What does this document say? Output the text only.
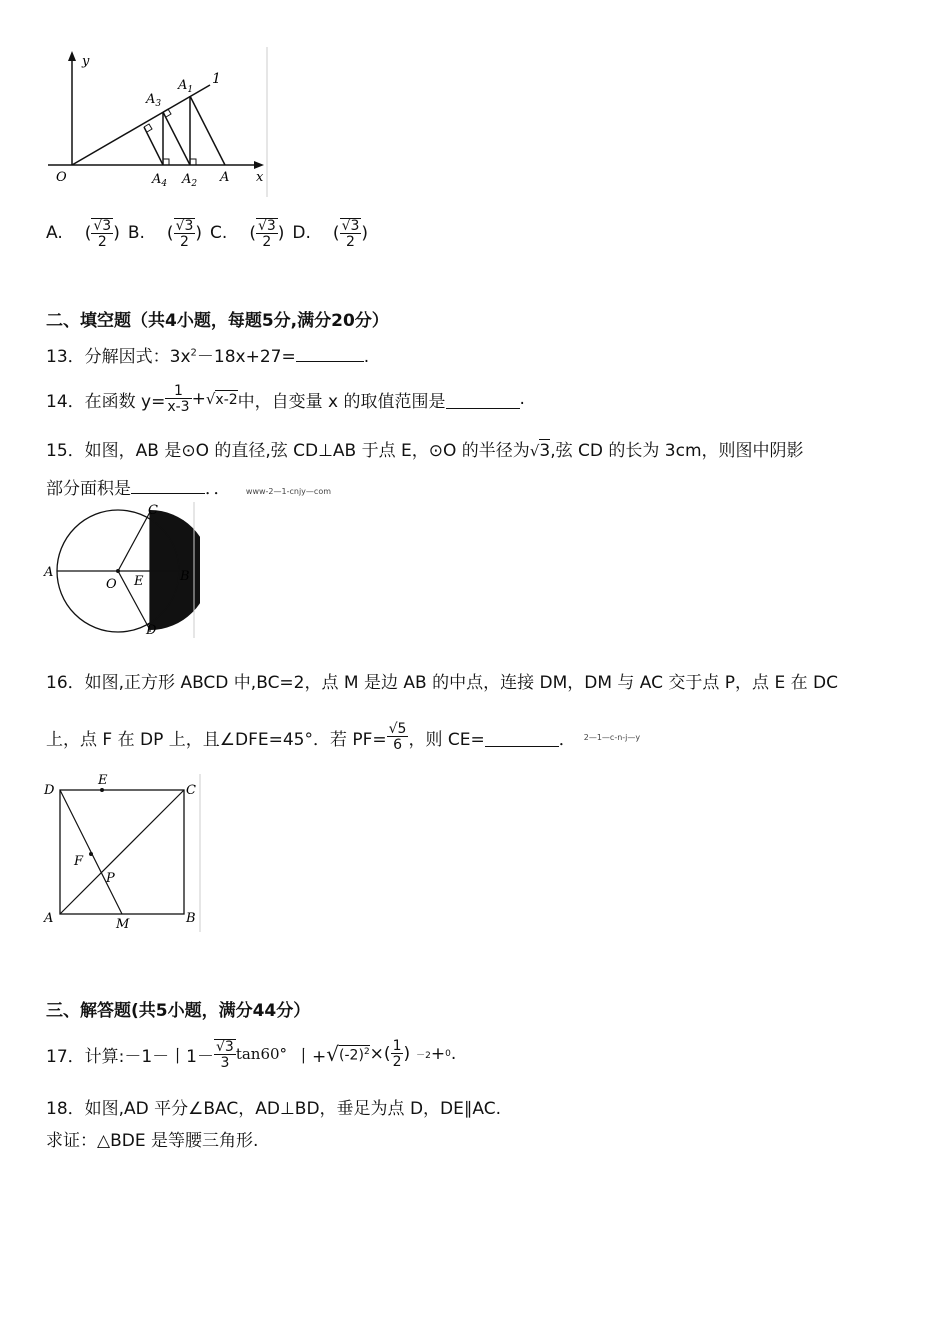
y
1
$A_1$
$A_3$
O	$A_4$ $A_2$ A x
A. ( $\frac{√3}{2}$ ) B. ( $\frac{√3}{2}$ ) C. ( $\frac{√3}{2}$ ) D. ( $\frac{√3}{2}$ )
二、填空题（共4小题，每题5分,满分20分）
13．分解因式：$3x^2-18x+27=$	.
14．在函数 $y= \frac{1}{x-3}$ + √ x-2 中，自变量 x 的取值范围是	.
15．如图，AB 是⊙O 的直径,弦 CD⊥AB 于点 E，⊙O 的半径为√3,弦 CD 的长为 3cm，则图中阴影
部分面积是	．． www-2—1-cnjy—com
C
A
O E	B
D
16．如图,正方形 ABCD 中,BC=2，点 M 是边 AB 的中点，连接 DM，DM 与 AC 交于点 P，点 E 在 DC
上，点 F 在 DP 上，且∠DFE=45°．若 $PF= \frac{√5}{6}$ ，则 CE=	． 2—1—c-n-j—y
D
E
C
F
P
A	M	B
三、解答题(共5小题，满分44分）
17．计算:－1－丨1－ √3
3 tan60° 丨+ √ $(-2)^2$ ×( 1
2 ) －2 + 0 .
18．如图,AD 平分∠BAC，AD⊥BD，垂足为点 D，DE∥AC.
求证：△BDE 是等腰三角形.
